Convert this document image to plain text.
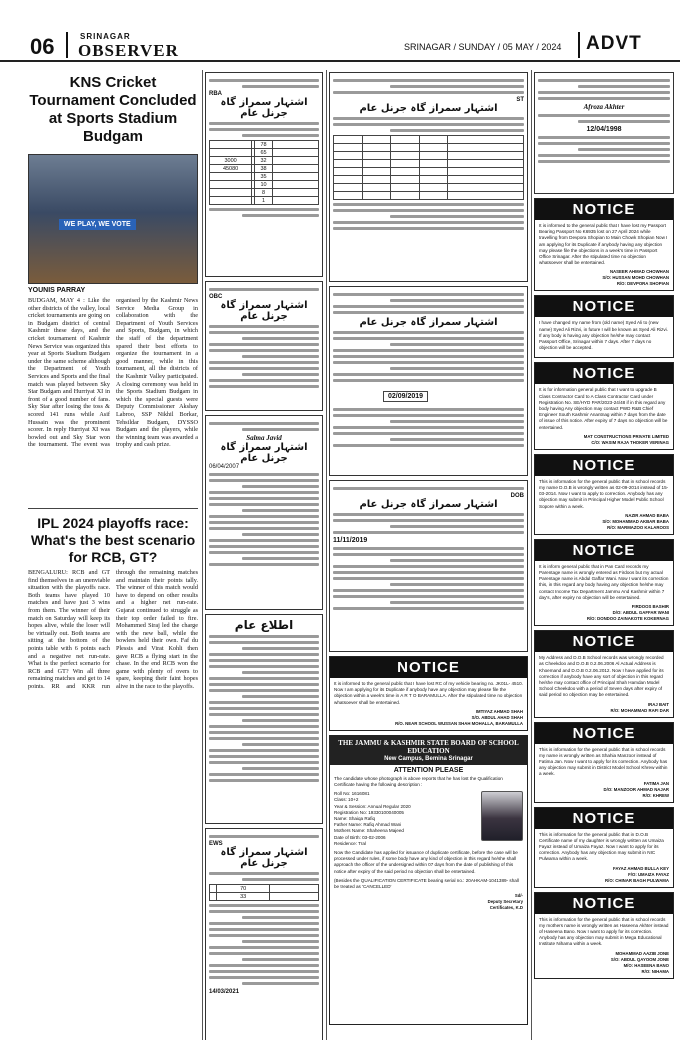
06	SRINAGAR
OBSERVER	SRINAGAR / SUNDAY / 05 MAY / 2024 ADVT
KNS Cricket Tournament Concluded at Sports Stadium Budgam
WE PLAY, WE VOTE
YOUNIS PARRAY
BUDGAM, MAY 4 : Like the other districts of the valley, local cricket tournaments are going on in Budgam district of central Kashmir these days, and the cricket tournament of Kashmir News Service was organized this year at Sports Stadium Budgam under the same scheme although the Department of Youth Services and Sports and the final match was played between Sky Star Budgam and Hurriyat XI in front of a good number of fans. Sky Star after losing the toss & scored 141 runs while Asif Hussain was the prominent scorer. In reply Hurriyat XI was bowled out and Sky Star won the tournament. The event was organised by the Kashmir News Service Media Group in collaboration with the Department of Youth Services and Sports, Budgam, in which the staff of the department spared their best efforts to organize the tournament in a good manner, while in this tournament, all the districts of the Kashmir Valley participated. A closing ceremony was held in the Sports Stadium Budgam in which the special guests were Deputy Commissioner Akshay Labroo, SSP Nikhil Borkar, Tehsildar Budgam, DYSSO Budgam and the players, while the winning team was awarded a trophy and cash prize.
IPL 2024 playoffs race: What's the best scenario for RCB, GT?
BENGALURU: RCB and GT find themselves in an unenviable situation with the playoffs race. Both teams have played 10 matches and have just 3 wins from them. The winner of their match on Saturday will keep its hopes alive, while the loser will be virtually out. Both teams are sitting at the bottom of the points table with 6 points each and a negative net run-rate. What is the perfect scenario for RCB and GT? Win all three remaining matches and get to 14 points. RR and KKR run through the remaining matches and maintain their points tally. The winner of this match would have to depend on other results and a higher net run-rate. Gujarat continued to struggle as their top order failed to fire. Mohammed Siraj led the charge with the new ball, while the bowlers held their own. Faf du Plessis and Virat Kohli then gave RCB a flying start in the chase. In the end RCB won the game with plenty of overs to spare, keeping their faint hopes alive in the race to the playoffs.
RBA
اشتہار سمراز گاہ جرنل عام
		78	
		65	
3000		32	
45080		38	
		35	
		10	
		8	
		1	
OBC
اشتہار سمراز گاہ جرنل عام
Salma Javid
اشتہار سمراز گاہ جرنل عام
06/04/2007
اطلاع عام
EWS
اشتہار سمراز گاہ جرنل عام
	70	
	33	
14/03/2021
ST
اشتہار سمراز گاہ جرنل عام

اشتہار سمراز گاہ جرنل عام
02/09/2019
DOB
اشتہار سمراز گاہ جرنل عام
11/11/2019
NOTICE
It is informed to the general public that I have lost RC of my vehicle bearing no. JK01L- 4510. Now I am applying for its Duplicate if anybody have any objection may please file the objection within a week's time in A R T O BARAMULLA. After the stipulated time no objection whatsoever shall be entertained.
IMTIYAZ AHMAD SHAH
S/O. ABDUL AHAD SHAH
R/O. NEAR SCHOOL WUSSAN SHAH MOHALLA, BARAMULLA
THE JAMMU & KASHMIR STATE BOARD OF SCHOOL EDUCATION
New Campus, Bemina Srinagar
ATTENTION PLEASE
The candidate whose photograph is above reports that he has lost the Qualification Certificate having the following description :
Roll No: 1616081
Class: 10+2
Year & Session: Annual Regular 2020
Registration No: 19330100040005
Name: Shaiqa Rafiq
Father Name: Rafiq Ahmad Wani
Mothers Name: Shaheena Majeed
Date of Birth: 03-02-2006
Residence: Tral
Now the Candidate has applied for issuance of duplicate certificate, before the case will be processed under rules, if some body have any kind of objection in this regard he/she shall approach the officer of the undersigned within 07 days from the date of publishing of this notice after expiry of the said period no objection shall be entertained.
(Besides the QUALIFICATION CERTIFICATE bearing serial no.: 20AHKAM-1041389- shall be treated as 'CANCELLED'
Sd/-
Deputy Secretary
Certificates, K.D
Afroza Akhter
12/04/1998
NOTICE
It is informed to the general public that I have lost my Passport Bearing Passport No K6935 lost on 27 April 2024 while travelling from Devpora Shopian to Main Chowk Shopian Now I am applying for its Duplicate if anybody having any objection may please file the objections in a week's time in Passport Office Srinagar. After the stipulated time no objection whatsoever shall be entertained.
NASEER AHMAD CHOWHAN
S/O: HUSSAN MOHD CHOWHAN
R/O: DEVPORA SHOPIAN
NOTICE
I have changed my name from (old name) Syed Ali to (new name) Syed Ali Rizvi, in future I will be known as Syed Ali Rizvi. If any body is having any objection he/she may contact Passport Office, Srinagar within 7 days. After 7 days no objection will be accepted.
NOTICE
It is for information general public that I want to upgrade B Class Contractor Card to A Class Contractor Card under Registration No. SE/HYD PAR/2023-24/48 if in this regard any body having Any objection may contact PWD R&B Chief Engineer South Kashmir Anantnag within 7 days from the date of issue of this notice. After expiry of 7 days no objection will be entertained.
MAT CONSTRUCTIONS PRIVATE LIMITED
C/O: WASIM RAJA THOKER VERINAG
NOTICE
This is information for the general public that in school records my name D.O.B is wrongly written as 02-09-2014 instead of 15-03-2014. Now I want to apply to correction. Anybody has any objection may submit in Principal Higher Model Public School Sopore within a week.
NAZIR AHMAD BABA
S/O: MOHAMMAD AKBAR BABA
R/O: MARMAZOO KALAROOS
NOTICE
It is inform general public that in Pan Card records my Parentage name is wrongly entered as Firdoos but my actual Parentage name is Abdul Gaffar Wani. Now I want its correction this, in this regard any body having any objection he/she may contact Income Tax Department Jammu And Kashmir within 7 day's, after expiry no objection will be entertained.
FIRDOOS BASHIR
D/O: ABDUL GAFFAR WANI
R/O: DONDOO ZAINAKOTE KOKERNAG
NOTICE
My Address and D.O.B School records was wrongly recorded as Cheekdoo and D.O.B 0.2.06.2006 Al Actual Address is Khoemand and D.O.B 0.2.06.2012. Now I have applied for its correction if anybody have any sort of objection in this regard he/she may contact office of Principal Shah Hamdan Model School Cheekdoo with a period of Seven days after expiry of said period no objection may be entertained.
IRAJ BAIT
R/O: MOHAMMAD RAFI DAR
NOTICE
This is information for the general public that in school records my name is wrongly written as Shahia Manzoor instead of Fatima Jan. Now I want to apply for its correction. Anybody has any objection may submit in District Model School Khrew within a week.
FATIMA JAN
D/O: MANZOOR AHMAD NAJAR
R/O: KHREW
NOTICE
This is information for the general public that in D.O.B Certificate name of my daughter is wrongly written as Umaiza Fayaz instead of Umaiza Fayaz. Now I want to apply for its correction. Anybody has any objection may submit in NIC Pulwama within a week.
FAYAZ AHMAD BULLA KEY
F/O: UMAIZA FAYAZ
R/O: CHINAR BAGH PULWAMA
NOTICE
This is information for the general public that in school records my mothers name is wrongly written as Haseena Akhter instead of Haseena Bano. Now I want to apply for its correction. Anybody has any objection may submit in Mega Educational Institute Nihama within a week.
MOHAMMAD AAZIB JONE
S/O: ABDUL QAYOOM JONE
M/O: HASEENA BANO
R/O: NIHAMA
